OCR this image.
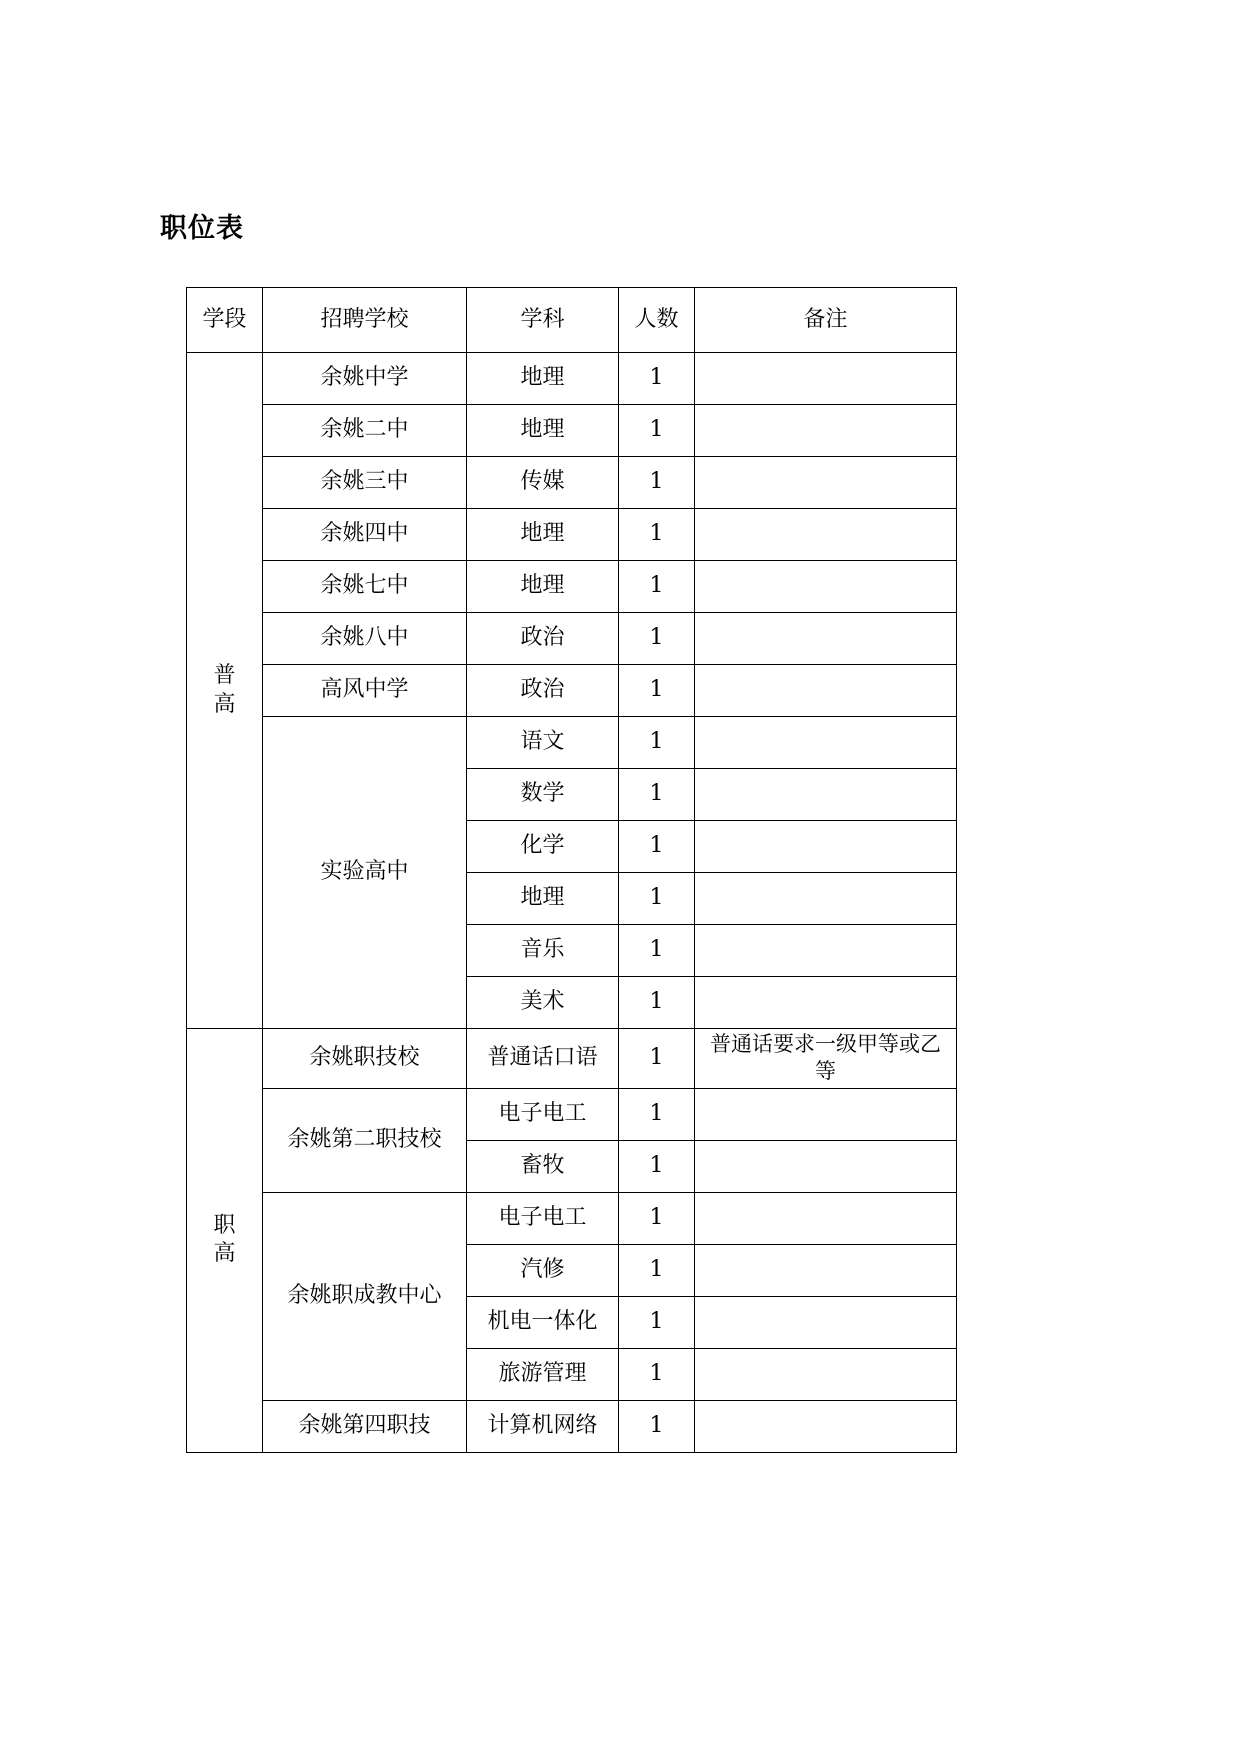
职位表
学段	招聘学校	学科	人数	备注

普
高	余姚中学	地理	1	
	余姚二中	地理	1	
	余姚三中	传媒	1	
	余姚四中	地理	1	
	余姚七中	地理	1	
	余姚八中	政治	1	
	高风中学	政治	1	
	实验高中	语文	1	
		数学	1	
		化学	1	
		地理	1	
		音乐	1	
		美术	1	

职
高	余姚职技校	普通话口语	1	普通话要求一级甲等或乙等

	余姚第二职技校	电子电工	1	
		畜牧	1	
	余姚职成教中心	电子电工	1	
		汽修	1	
		机电一体化	1	
		旅游管理	1	
	余姚第四职技	计算机网络	1	
